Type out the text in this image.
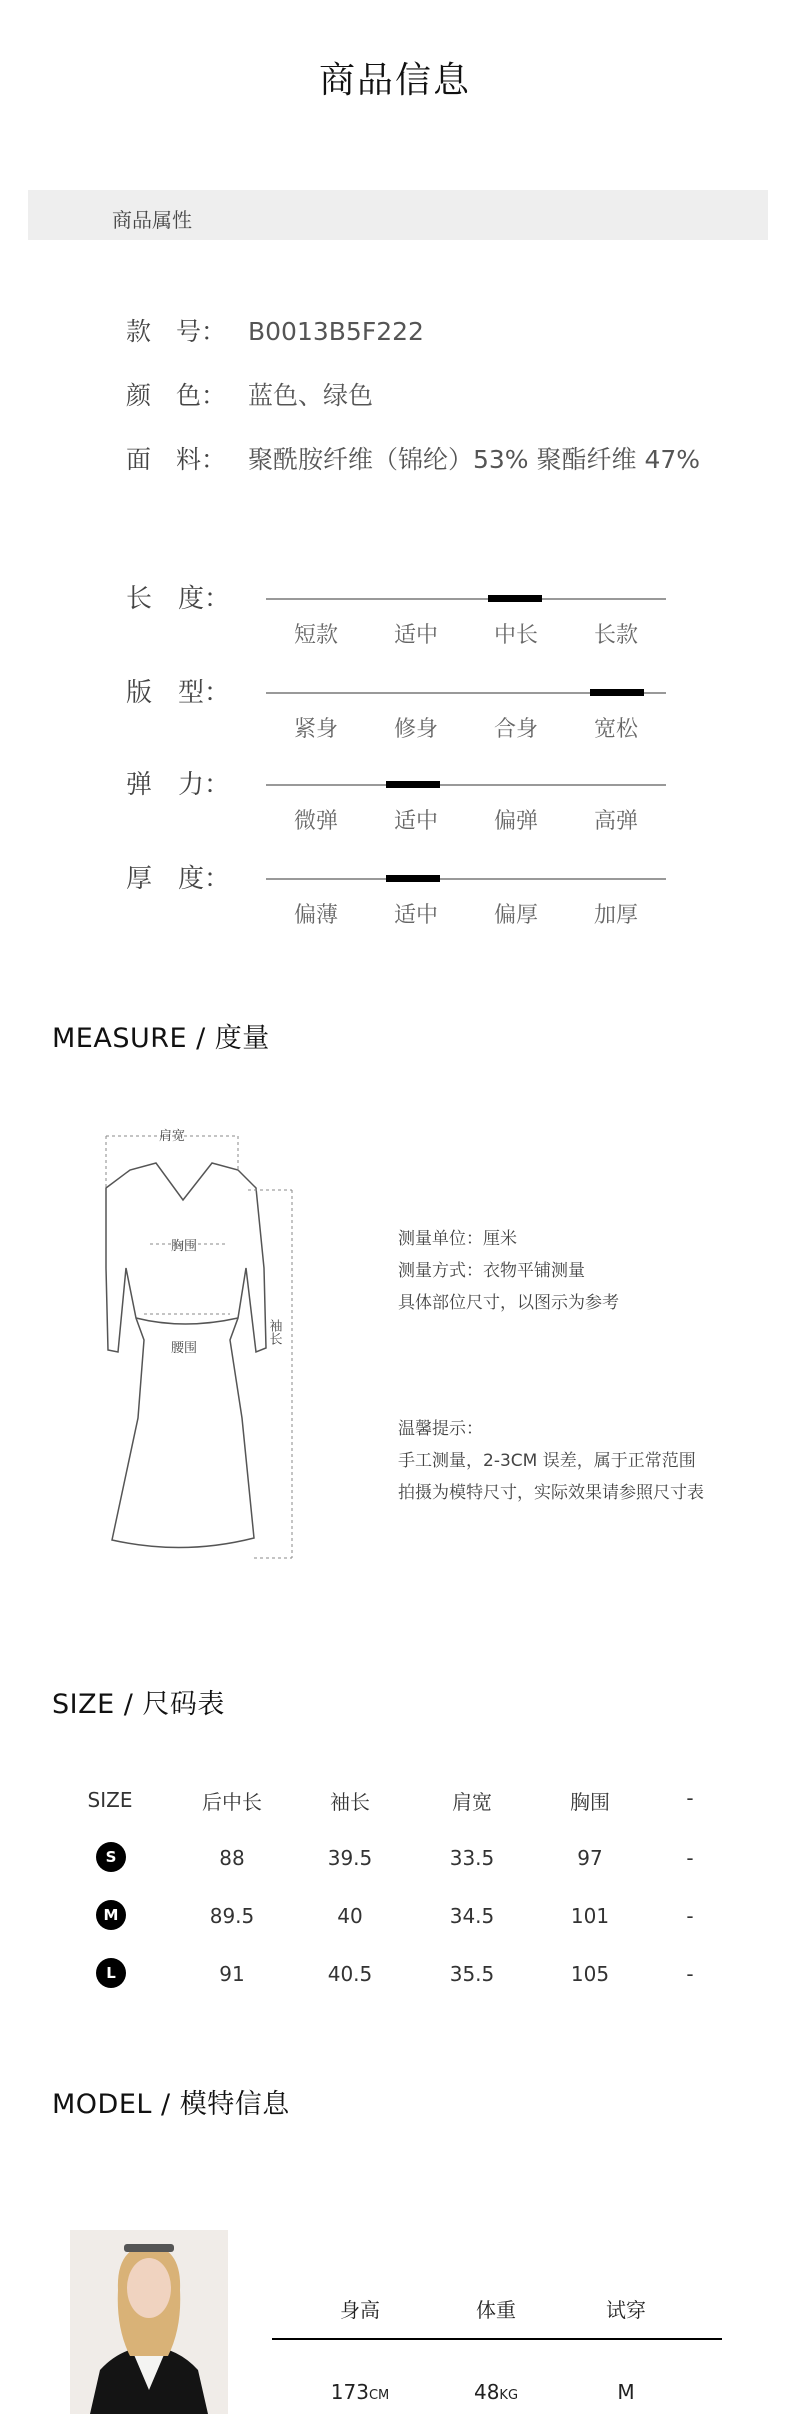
商品信息
商品属性
款　号： B0013B5F222
颜　色： 蓝色、绿色
面　料： 聚酰胺纤维（锦纶）53% 聚酯纤维 47%
长　度：
短款	适中	中长	长款
版　型：
紧身	修身	合身	宽松
弹　力：
微弹	适中	偏弹	高弹
厚　度：
偏薄	适中	偏厚	加厚
MEASURE / 度量
肩宽
胸围
腰围
袖长
测量单位：厘米
测量方式：衣物平铺测量
具体部位尺寸，以图示为参考
温馨提示：
手工测量，2-3CM 误差，属于正常范围
拍摄为模特尺寸，实际效果请参照尺寸表
SIZE / 尺码表
SIZE	后中长	袖长	肩宽	胸围	-
S	88	39.5	33.5	97	-
M	89.5	40	34.5	101	-
L	91	40.5	35.5	105	-
MODEL / 模特信息
身高	体重	试穿
173CM	48KG	M
